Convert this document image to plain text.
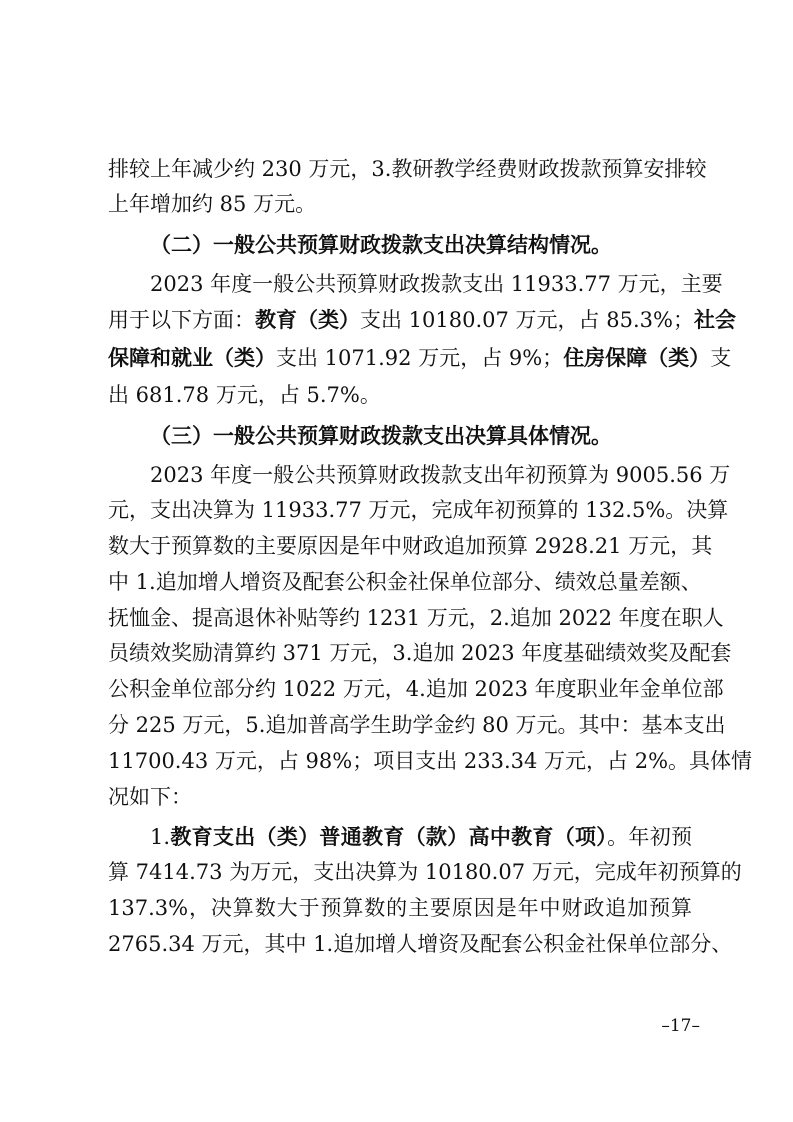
排较上年减少约 230 万元，3.教研教学经费财政拨款预算安排较
上年增加约 85 万元。
（二）一般公共预算财政拨款支出决算结构情况。
2023 年度一般公共预算财政拨款支出 11933.77 万元，主要
用于以下方面：教育（类）支出 10180.07 万元，占 85.3%；社会
保障和就业（类）支出 1071.92 万元，占 9%；住房保障（类）支
出 681.78 万元，占 5.7%。
（三）一般公共预算财政拨款支出决算具体情况。
2023 年度一般公共预算财政拨款支出年初预算为 9005.56 万
元，支出决算为 11933.77 万元，完成年初预算的 132.5%。决算
数大于预算数的主要原因是年中财政追加预算 2928.21 万元，其
中 1.追加增人增资及配套公积金社保单位部分、绩效总量差额、
抚恤金、提高退休补贴等约 1231 万元，2.追加 2022 年度在职人
员绩效奖励清算约 371 万元，3.追加 2023 年度基础绩效奖及配套
公积金单位部分约 1022 万元，4.追加 2023 年度职业年金单位部
分 225 万元，5.追加普高学生助学金约 80 万元。其中：基本支出
11700.43 万元，占 98%；项目支出 233.34 万元，占 2%。具体情
况如下：
1.教育支出（类）普通教育（款）高中教育（项）。年初预
算 7414.73 为万元，支出决算为 10180.07 万元，完成年初预算的
137.3%，决算数大于预算数的主要原因是年中财政追加预算
2765.34 万元，其中 1.追加增人增资及配套公积金社保单位部分、
–17–
